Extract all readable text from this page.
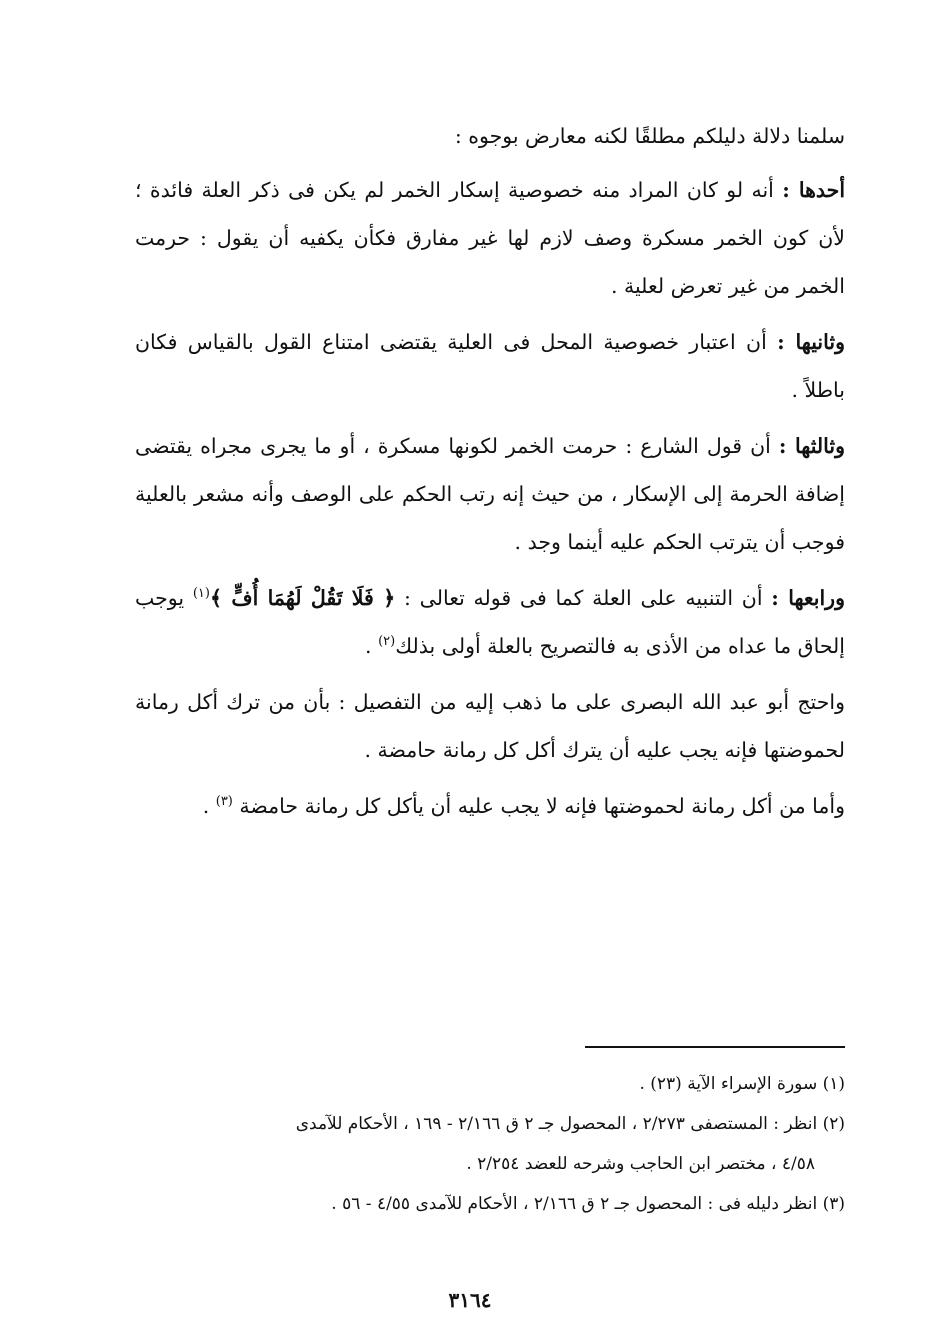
سلمنا دلالة دليلكم مطلقًا لكنه معارض بوجوه :

أحدها : أنه لو كان المراد منه خصوصية إسكار الخمر لم يكن فى ذكر العلة فائدة ؛ لأن كون الخمر مسكرة وصف لازم لها غير مفارق فكأن يكفيه أن يقول : حرمت الخمر من غير تعرض لعلية .

وثانيها : أن اعتبار خصوصية المحل فى العلية يقتضى امتناع القول بالقياس فكان باطلاً .

وثالثها : أن قول الشارع : حرمت الخمر لكونها مسكرة ، أو ما يجرى مجراه يقتضى إضافة الحرمة إلى الإسكار ، من حيث إنه رتب الحكم على الوصف وأنه مشعر بالعلية فوجب أن يترتب الحكم عليه أينما وجد .

ورابعها : أن التنبيه على العلة كما فى قوله تعالى : ﴿ فَلَا تَقُلْ لَهُمَا أُفٍّ ﴾$^{(١)}$ يوجب إلحاق ما عداه من الأذى به فالتصريح بالعلة أولى بذلك$^{(٢)}$ .

واحتج أبو عبد الله البصرى على ما ذهب إليه من التفصيل : بأن من ترك أكل رمانة لحموضتها فإنه يجب عليه أن يترك أكل كل رمانة حامضة .

وأما من أكل رمانة لحموضتها فإنه لا يجب عليه أن يأكل كل رمانة حامضة $^{(٣)}$ .

(١) سورة الإسراء الآية (٢٣) .

(٢) انظر : المستصفى ٢/٢٧٣ ، المحصول جـ ٢ ق ٢/١٦٦ - ١٦٩ ، الأحكام للآمدى

٤/٥٨ ، مختصر ابن الحاجب وشرحه للعضد ٢/٢٥٤ .

(٣) انظر دليله فى : المحصول جـ ٢ ق ٢/١٦٦ ، الأحكام للآمدى ٤/٥٥ - ٥٦ .

٣١٦٤
